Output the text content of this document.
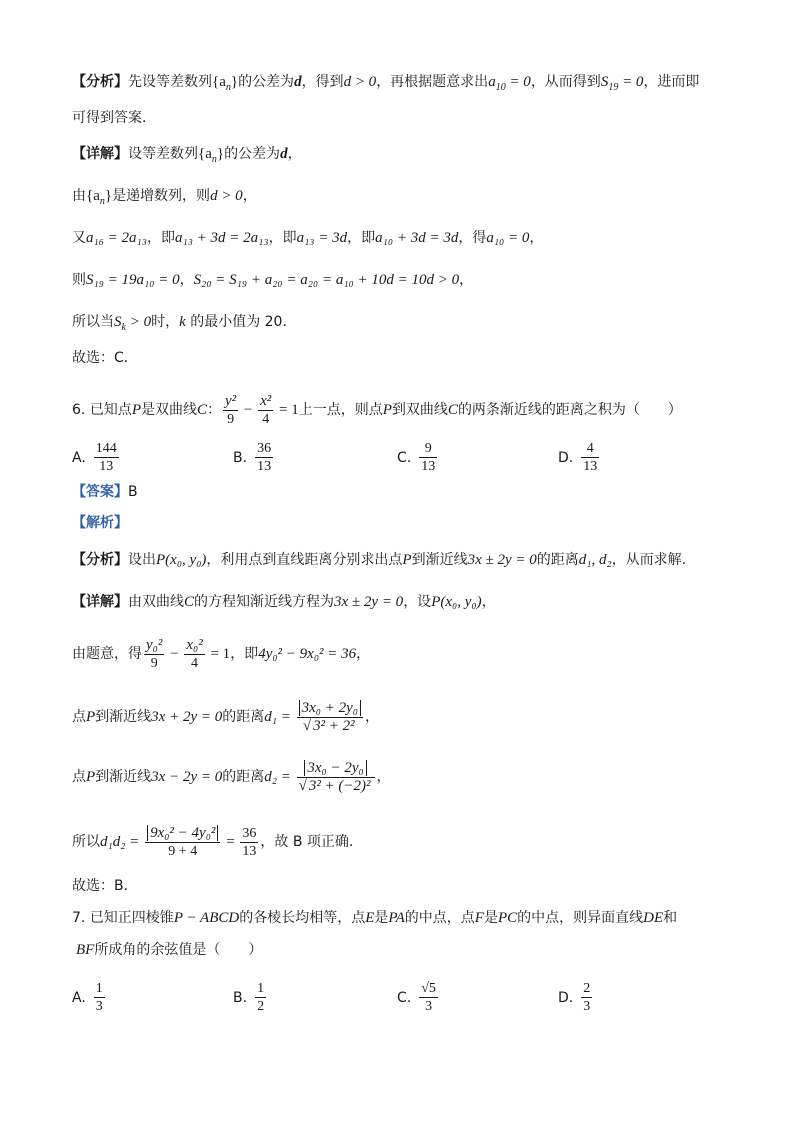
【分析】先设等差数列$\{a_n\}$的公差为d，得到d > 0，再根据题意求出$a_{10} = 0$，从而得到$S_{19} = 0$，进而即
可得到答案．
【详解】设等差数列$\{a_n\}$的公差为d，
由$\{a_n\}$是递增数列，则d > 0，
又a₁₆ = 2a₁₃，即a₁₃ + 3d = 2a₁₃，即a₁₃ = 3d，即a₁₀ + 3d = 3d，得a₁₀ = 0，
则S₁₉ = 19a₁₀ = 0，S₂₀ = S₁₉ + a₂₀ = a₂₀ = a₁₀ + 10d = 10d > 0，
所以当$S_k > 0$时，k 的最小值为 20．
故选：C．
6. 已知点P是双曲线C： $\frac{\text{y²}}{9} - \frac{\text{x²}}{4} = 1$上一点，则点P到双曲线C的两条渐近线的距离之积为（　　）
A. $\frac{144}{13}$	B. $\frac{36}{13}$	C. $\frac{9}{13}$	D. $\frac{4}{13}$
【答案】B
【解析】
【分析】设出P(x₀, y₀)，利用点到直线距离分别求出点P到渐近线3x ± 2y = 0的距离d₁, d₂，从而求解.
【详解】由双曲线C的方程知渐近线方程为3x ± 2y = 0，设P(x₀, y₀)，
由题意，得 $\frac{\text{y₀²}}{9} - \frac{\text{x₀²}}{4} = 1$，即4y₀² − 9x₀² = 36，
点P到渐近线3x + 2y = 0的距离$d_1 = \frac{\text{3x₀ + 2y₀}}{\text{√ 3² + 2²}}$ ，
点P到渐近线3x − 2y = 0的距离$d_2 = \frac{\text{3x₀ − 2y₀}}{\text{√ 3² + (−2)²}}$ ，
所以$d_1d_2 = \frac{\text{9x₀² − 4y₀²}}{9 + 4} = \frac{36}{13}$ ，故 B 项正确.
故选：B．
7. 已知正四棱锥P − ABCD的各棱长均相等，点E是PA的中点，点F是PC的中点，则异面直线DE和
BF所成角的余弦值是（　　）
A. $\frac{1}{3}$	B. $\frac{1}{2}$	C. $\frac{√5}{3}$	D. $\frac{2}{3}$
